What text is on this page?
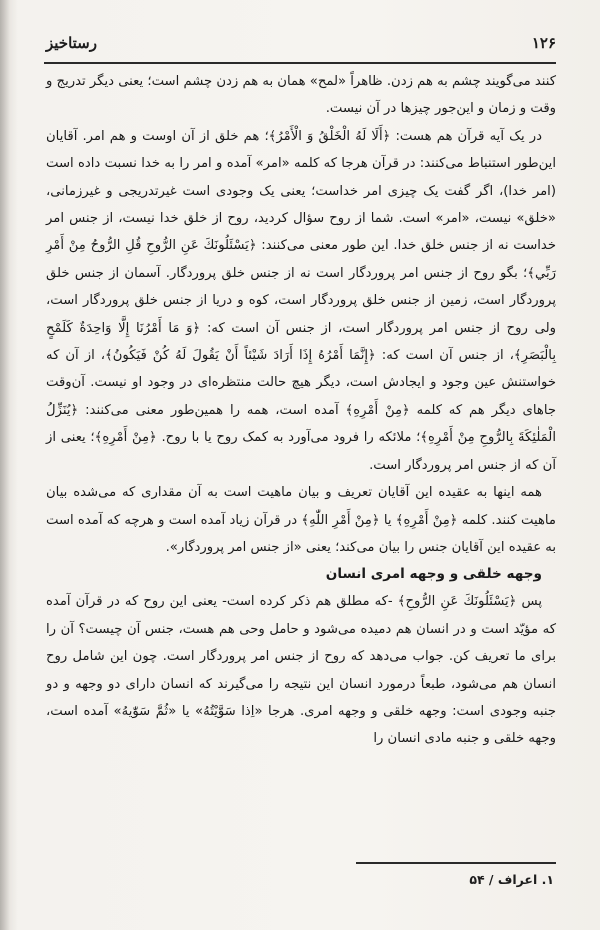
۱۲۶
رستاخیز

کنند می‌گویند چشم به هم زدن. ظاهراً «لمح» همان به هم زدن چشم است؛ یعنی دیگر تدریج و وقت و زمان و این‌جور چیزها در آن نیست.

در یک آیه قرآن هم هست: ﴿أَلَا لَهُ الْخَلْقُ وَ الْأَمْرُ﴾؛ هم خلق از آن اوست و هم امر. آقایان این‌طور استنباط می‌کنند: در قرآن هرجا که کلمه «امر» آمده و امر را به خدا نسبت داده است (امر خدا)، اگر گفت یک چیزی امر خداست؛ یعنی یک وجودی است غیرتدریجی و غیرزمانی، «خلق» نیست، «امر» است. شما از روح سؤال کردید، روح از خلق خدا نیست، از جنس امر خداست نه از جنس خلق خدا. این طور معنی می‌کنند: ﴿يَسْئَلُونَكَ عَنِ الرُّوحِ قُلِ الرُّوحُ مِنْ أَمْرِ رَبِّي﴾؛ بگو روح از جنس امر پروردگار است نه از جنس خلق پروردگار. آسمان از جنس خلق پروردگار است، زمین از جنس خلق پروردگار است، کوه و دریا از جنس خلق پروردگار است، ولی روح از جنس امر پروردگار است، از جنس آن است که: ﴿وَ مَا أَمْرُنَا إِلَّا وَاحِدَةٌ كَلَمْحٍ بِالْبَصَرِ﴾، از جنس آن است که: ﴿إِنَّمَا أَمْرُهُ إِذَا أَرَادَ شَيْئاً أَنْ يَقُولَ لَهُ كُنْ فَيَكُونُ﴾، از آن که خواستنش عین وجود و ایجادش است، دیگر هیچ حالت منتظره‌ای در وجود او نیست. آن‌وقت جاهای دیگر هم که کلمه ﴿مِنْ أَمْرِهِ﴾ آمده است، همه را همین‌طور معنی می‌کنند: ﴿يُنَزِّلُ الْمَلٰئِكَةَ بِالرُّوحِ مِنْ أَمْرِهِ﴾؛ ملائکه را فرود می‌آورد به کمک روح یا با روح. ﴿مِنْ أَمْرِهِ﴾؛ یعنی از آن که از جنس امر پروردگار است.

همه اینها به عقیده این آقایان تعریف و بیان ماهیت است به آن مقداری که می‌شده بیان ماهیت کنند. کلمه ﴿مِنْ أَمْرِهِ﴾ یا ﴿مِنْ أَمْرِ اللّٰهِ﴾ در قرآن زیاد آمده است و هرچه که آمده است به عقیده این آقایان جنس را بیان می‌کند؛ یعنی «از جنس امر پروردگار».

وجهه خلقی و وجهه امری انسان

پس ﴿يَسْئَلُونَكَ عَنِ الرُّوحِ﴾ -که مطلق هم ذکر کرده است- یعنی این روح که در قرآن آمده که مؤیّد است و در انسان هم دمیده می‌شود و حامل وحی هم هست، جنس آن چیست؟ آن را برای ما تعریف کن. جواب می‌دهد که روح از جنس امر پروردگار است. چون این شامل روح انسان هم می‌شود، طبعاً درمورد انسان این نتیجه را می‌گیرند که انسان دارای دو وجهه و دو جنبه وجودی است: وجهه خلقی و وجهه امری. هرجا «اِذا سَوَّيْتُهُ» یا «ثُمَّ سَوّٰيهُ» آمده است، وجهه خلقی و جنبه مادی انسان را

۱. اعراف / ۵۴
